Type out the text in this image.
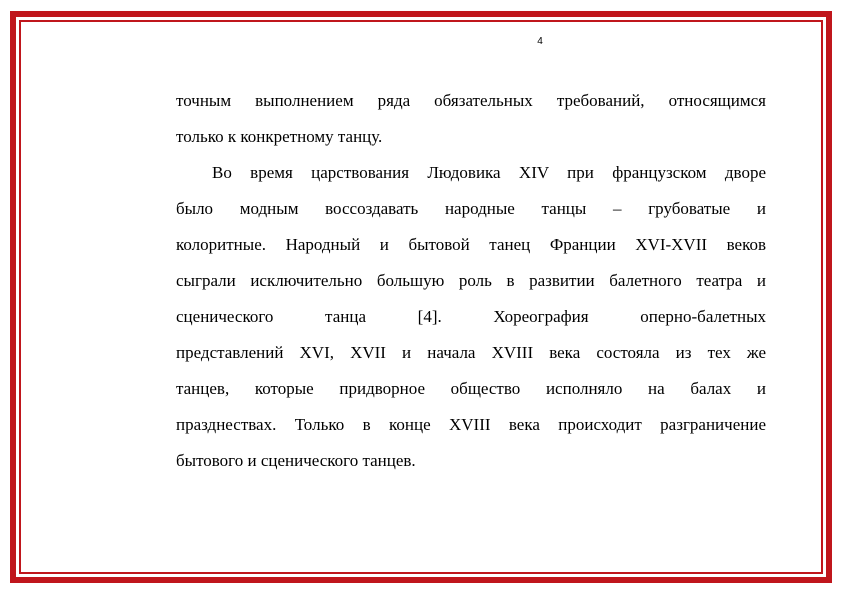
4

точным выполнением ряда обязательных требований, относящимся
только к конкретному танцу.

Во время царствования Людовика XIV при французском дворе
было модным воссоздавать народные танцы – грубоватые и
колоритные. Народный и бытовой танец Франции XVI-XVII веков
сыграли исключительно большую роль в развитии балетного театра и
сценического танца [4]. Хореография оперно-балетных
представлений XVI, XVII и начала XVIII века состояла из тех же
танцев, которые придворное общество исполняло на балах и
празднествах. Только в конце XVIII века происходит разграничение
бытового и сценического танцев.
